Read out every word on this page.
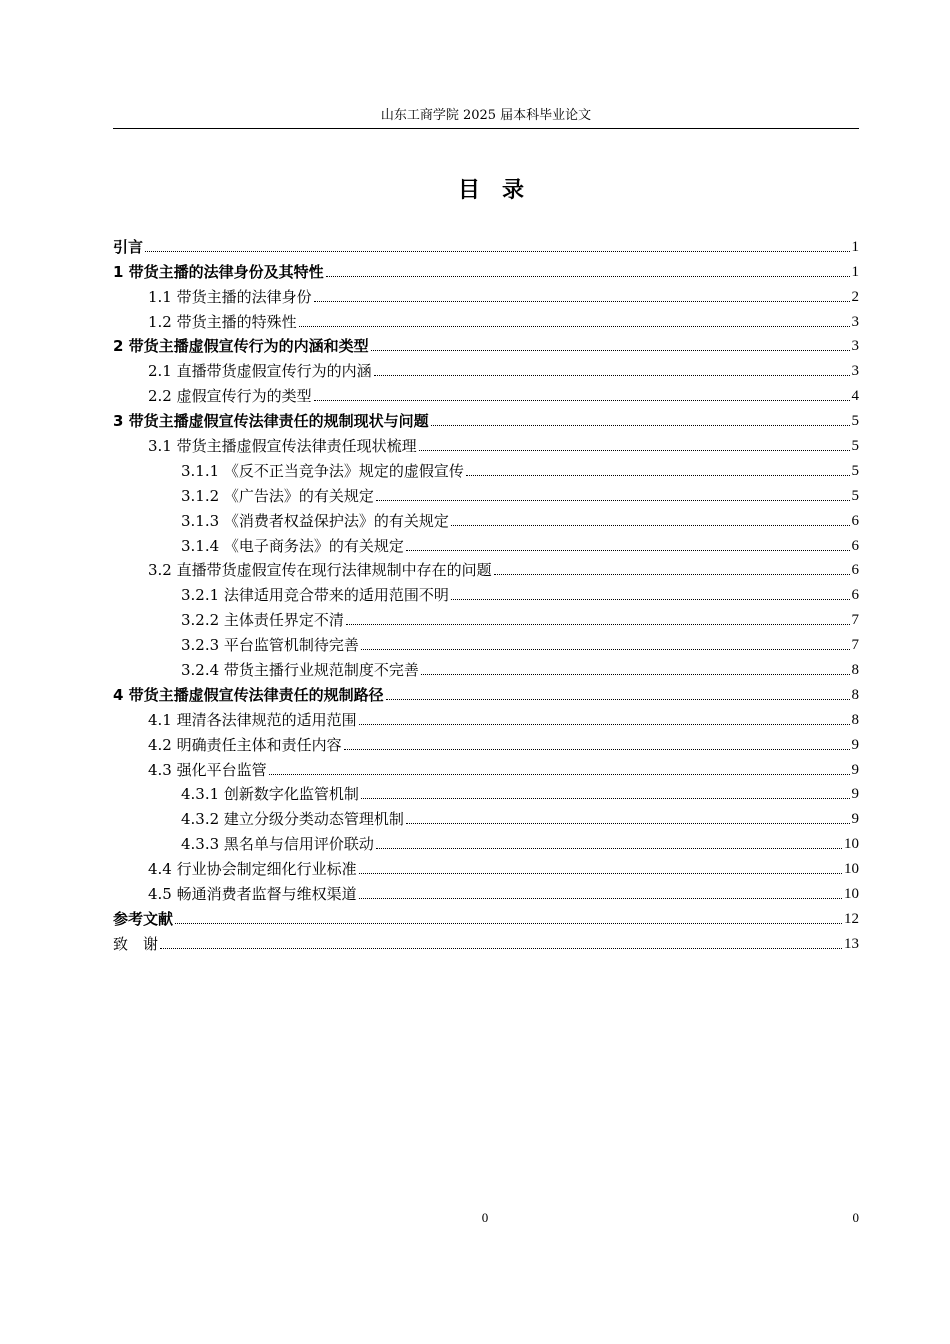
山东工商学院 2025 届本科毕业论文
目录
引言	1
1 带货主播的法律身份及其特性	1
1.1 带货主播的法律身份	2
1.2 带货主播的特殊性	3
2 带货主播虚假宣传行为的内涵和类型	3
2.1 直播带货虚假宣传行为的内涵	3
2.2 虚假宣传行为的类型	4
3 带货主播虚假宣传法律责任的规制现状与问题	5
3.1 带货主播虚假宣传法律责任现状梳理	5
3.1.1 《反不正当竞争法》规定的虚假宣传	5
3.1.2 《广告法》的有关规定	5
3.1.3 《消费者权益保护法》的有关规定	6
3.1.4 《电子商务法》的有关规定	6
3.2 直播带货虚假宣传在现行法律规制中存在的问题	6
3.2.1 法律适用竞合带来的适用范围不明	6
3.2.2 主体责任界定不清	7
3.2.3 平台监管机制待完善	7
3.2.4 带货主播行业规范制度不完善	8
4 带货主播虚假宣传法律责任的规制路径	8
4.1 理清各法律规范的适用范围	8
4.2 明确责任主体和责任内容	9
4.3 强化平台监管	9
4.3.1 创新数字化监管机制	9
4.3.2 建立分级分类动态管理机制	9
4.3.3 黑名单与信用评价联动	10
4.4 行业协会制定细化行业标准	10
4.5 畅通消费者监督与维权渠道	10
参考文献	12
致　谢	13
0	0
